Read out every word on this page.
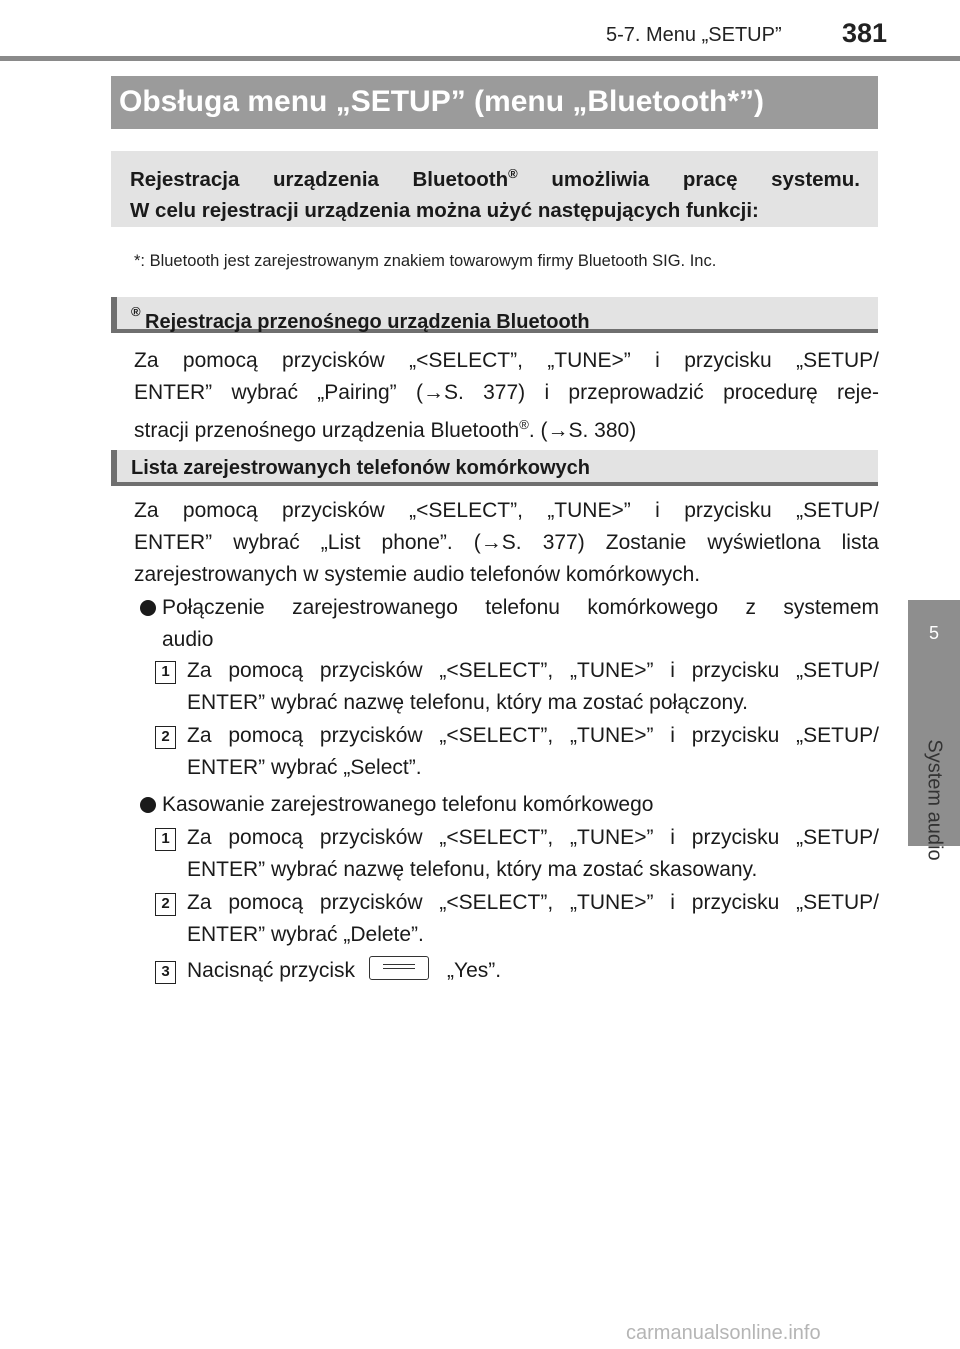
5-7. Menu „SETUP” 381
5
System audio
Obsługa menu „SETUP” (menu „Bluetooth*”)
Rejestracja urządzenia Bluetooth® umożliwia pracę systemu.
W celu rejestracji urządzenia można użyć następujących funkcji:
*: Bluetooth jest zarejestrowanym znakiem towarowym firmy Bluetooth SIG. Inc.
Rejestracja przenośnego urządzenia Bluetooth
®
Za pomocą przycisków „<SELECT”, „TUNE>” i przycisku „SETUP/
ENTER” wybrać „Pairing” (→S. 377) i przeprowadzić procedurę reje-
stracji przenośnego urządzenia Bluetooth®. (→S. 380)
Lista zarejestrowanych telefonów komórkowych
Za pomocą przycisków „<SELECT”, „TUNE>” i przycisku „SETUP/
ENTER” wybrać „List phone”. (→S. 377) Zostanie wyświetlona lista
zarejestrowanych w systemie audio telefonów komórkowych.
Połączenie zarejestrowanego telefonu komórkowego z systemem
audio
1 Za pomocą przycisków „<SELECT”, „TUNE>” i przycisku „SETUP/
ENTER” wybrać nazwę telefonu, który ma zostać połączony.
2 Za pomocą przycisków „<SELECT”, „TUNE>” i przycisku „SETUP/
ENTER” wybrać „Select”.
Kasowanie zarejestrowanego telefonu komórkowego
1 Za pomocą przycisków „<SELECT”, „TUNE>” i przycisku „SETUP/
ENTER” wybrać nazwę telefonu, który ma zostać skasowany.
2 Za pomocą przycisków „<SELECT”, „TUNE>” i przycisku „SETUP/
ENTER” wybrać „Delete”.
3 Nacisnąć przycisk	„Yes”.
carmanualsonline.info
